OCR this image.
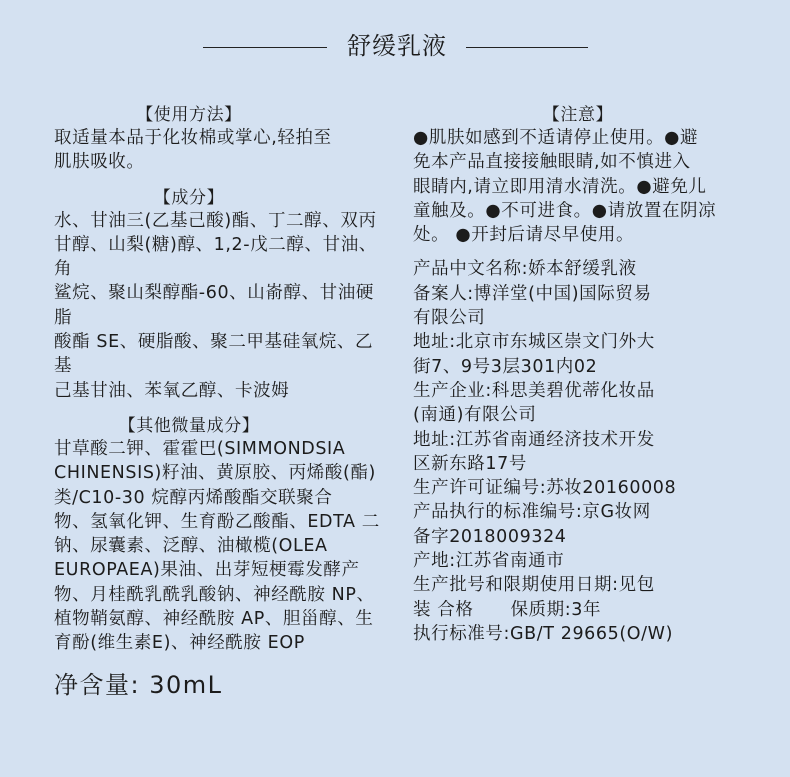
舒缓乳液
【使用方法】
取适量本品于化妆棉或掌心,轻拍至
肌肤吸收。
【成分】
水、甘油三(乙基己酸)酯、丁二醇、双丙
甘醇、山梨(糖)醇、1,2-戊二醇、甘油、角
鲨烷、聚山梨醇酯-60、山嵛醇、甘油硬脂
酸酯 SE、硬脂酸、聚二甲基硅氧烷、乙基
己基甘油、苯氧乙醇、卡波姆
【其他微量成分】
甘草酸二钾、霍霍巴(SIMMONDSIA
CHINENSIS)籽油、黄原胶、丙烯酸(酯)
类/C10-30 烷醇丙烯酸酯交联聚合
物、氢氧化钾、生育酚乙酸酯、EDTA 二
钠、尿囊素、泛醇、油橄榄(OLEA
EUROPAEA)果油、出芽短梗霉发酵产
物、月桂酰乳酰乳酸钠、神经酰胺 NP、
植物鞘氨醇、神经酰胺 AP、胆甾醇、生
育酚(维生素E)、神经酰胺 EOP
净含量: 30mL
【注意】
●肌肤如感到不适请停止使用。●避
免本产品直接接触眼睛,如不慎进入
眼睛内,请立即用清水清洗。●避免儿
童触及。●不可进食。●请放置在阴凉
处。 ●开封后请尽早使用。
产品中文名称:娇本舒缓乳液
备案人:博洋堂(中国)国际贸易
有限公司
地址:北京市东城区崇文门外大
街7、9号3层301内02
生产企业:科思美碧优蒂化妆品
(南通)有限公司
地址:江苏省南通经济技术开发
区新东路17号
生产许可证编号:苏妆20160008
产品执行的标准编号:京G妆网
备字2018009324
产地:江苏省南通市
生产批号和限期使用日期:见包
装 合格      保质期:3年
执行标准号:GB/T 29665(O/W)
